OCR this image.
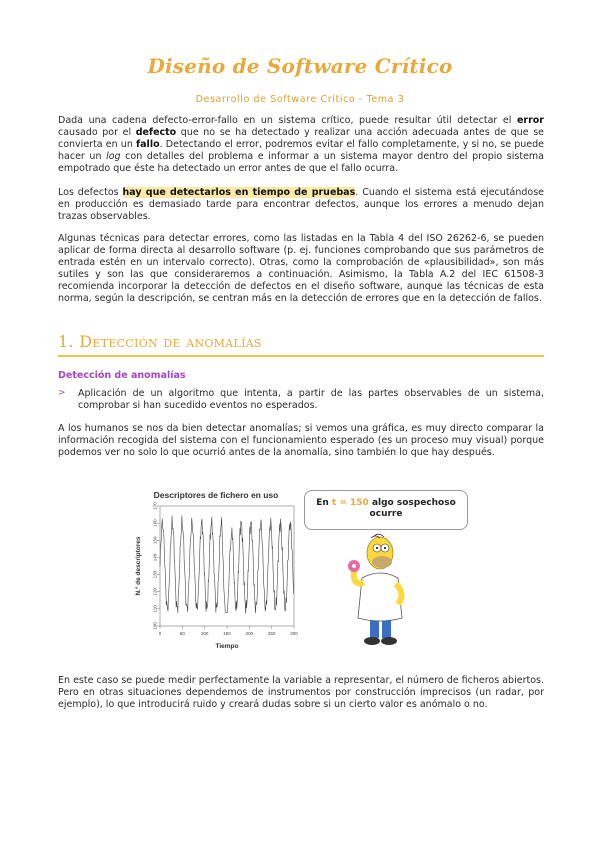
Diseño de Software Crítico
Desarrollo de Software Crítico - Tema 3

Dada una cadena defecto-error-fallo en un sistema crítico, puede resultar útil detectar el error causado por el defecto que no se ha detectado y realizar una acción adecuada antes de que se convierta en un fallo. Detectando el error, podremos evitar el fallo completamente, y si no, se puede hacer un log con detalles del problema e informar a un sistema mayor dentro del propio sistema empotrado que éste ha detectado un error antes de que el fallo ocurra.

Los defectos hay que detectarlos en tiempo de pruebas. Cuando el sistema está ejecutándose en producción es demasiado tarde para encontrar defectos, aunque los errores a menudo dejan trazas observables.

Algunas técnicas para detectar errores, como las listadas en la Tabla 4 del ISO 26262-6, se pueden aplicar de forma directa al desarrollo software (p. ej. funciones comprobando que sus parámetros de entrada estén en un intervalo correcto). Otras, como la comprobación de «plausibilidad», son más sutiles y son las que consideraremos a continuación. Asimismo, la Tabla A.2 del IEC 61508-3 recomienda incorporar la detección de defectos en el diseño software, aunque las técnicas de esta norma, según la descripción, se centran más en la detección de errores que en la detección de fallos.

1. Detección de anomalías
Detección de anomalías
> Aplicación de un algoritmo que intenta, a partir de las partes observables de un sistema, comprobar si han sucedido eventos no esperados.

A los humanos se nos da bien detectar anomalías; si vemos una gráfica, es muy directo comparar la información recogida del sistema con el funcionamiento esperado (es un proceso muy visual) porque podemos ver no solo lo que ocurrió antes de la anomalía, sino también lo que hay después.

Descriptores de fichero en uso
100
110
120
130
140
150
160
170
0	50	100	150	200	250	300
Tiempo
N.º de descriptores
En t = 150 algo sospechoso
ocurre

En este caso se puede medir perfectamente la variable a representar, el número de ficheros abiertos. Pero en otras situaciones dependemos de instrumentos por construcción imprecisos (un radar, por ejemplo), lo que introducirá ruido y creará dudas sobre si un cierto valor es anómalo o no.
